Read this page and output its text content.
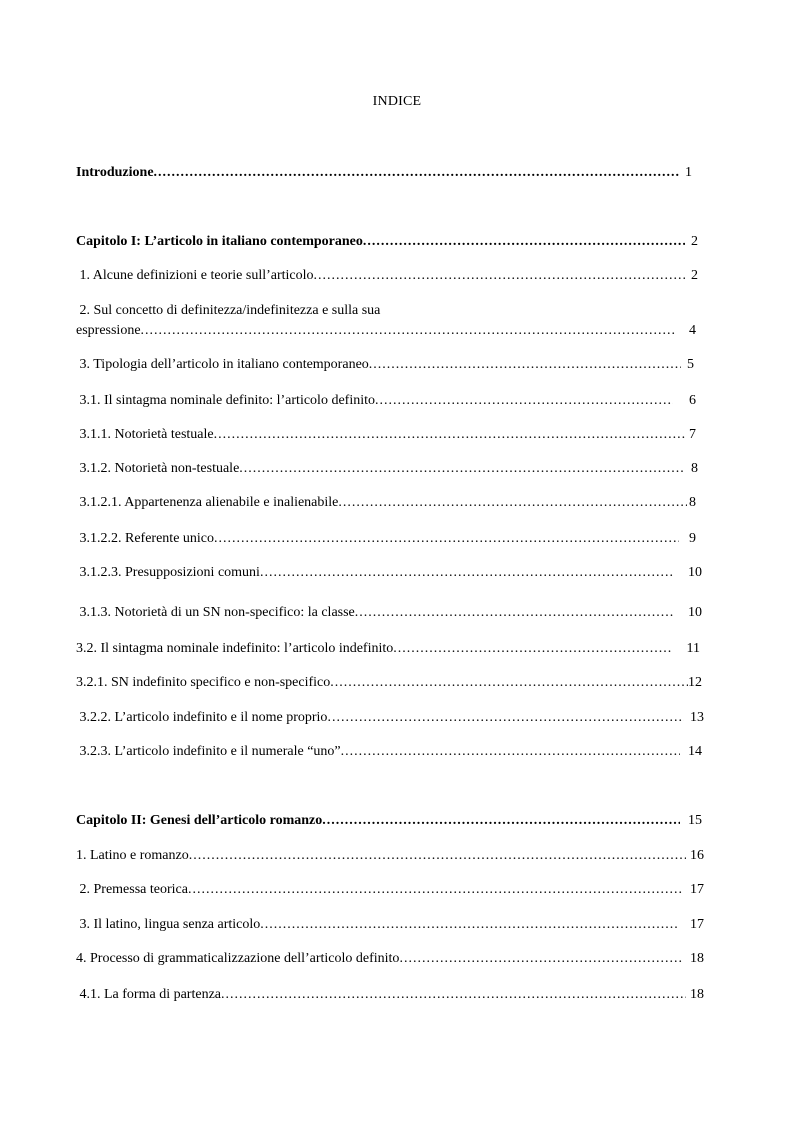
INDICE
Introduzione .....	1
Capitolo I: L’articolo in italiano contemporaneo .....	2
1. Alcune definizioni e teorie sull’articolo .....	2
2. Sul concetto di definitezza/indefinitezza e sulla sua
espressione .....	4
3. Tipologia dell’articolo in italiano contemporaneo .....	5
3.1. Il sintagma nominale definito: l’articolo definito .....	6
3.1.1. Notorietà testuale .....	7
3.1.2. Notorietà non-testuale .....	8
3.1.2.1. Appartenenza alienabile e inalienabile .....	8
3.1.2.2. Referente unico .....	9
3.1.2.3. Presupposizioni comuni .....	10
3.1.3. Notorietà di un SN non-specifico: la classe .....	10
3.2. Il sintagma nominale indefinito: l’articolo indefinito .....	11
3.2.1. SN indefinito specifico e non-specifico .....	12
3.2.2. L’articolo indefinito e il nome proprio .....	13
3.2.3. L’articolo indefinito e il numerale “uno” .....	14
Capitolo II: Genesi dell’articolo romanzo .....	15
1. Latino e romanzo .....	16
2. Premessa teorica .....	17
3. Il latino, lingua senza articolo .....	17
4. Processo di grammaticalizzazione dell’articolo definito .....	18
4.1. La forma di partenza .....	18
